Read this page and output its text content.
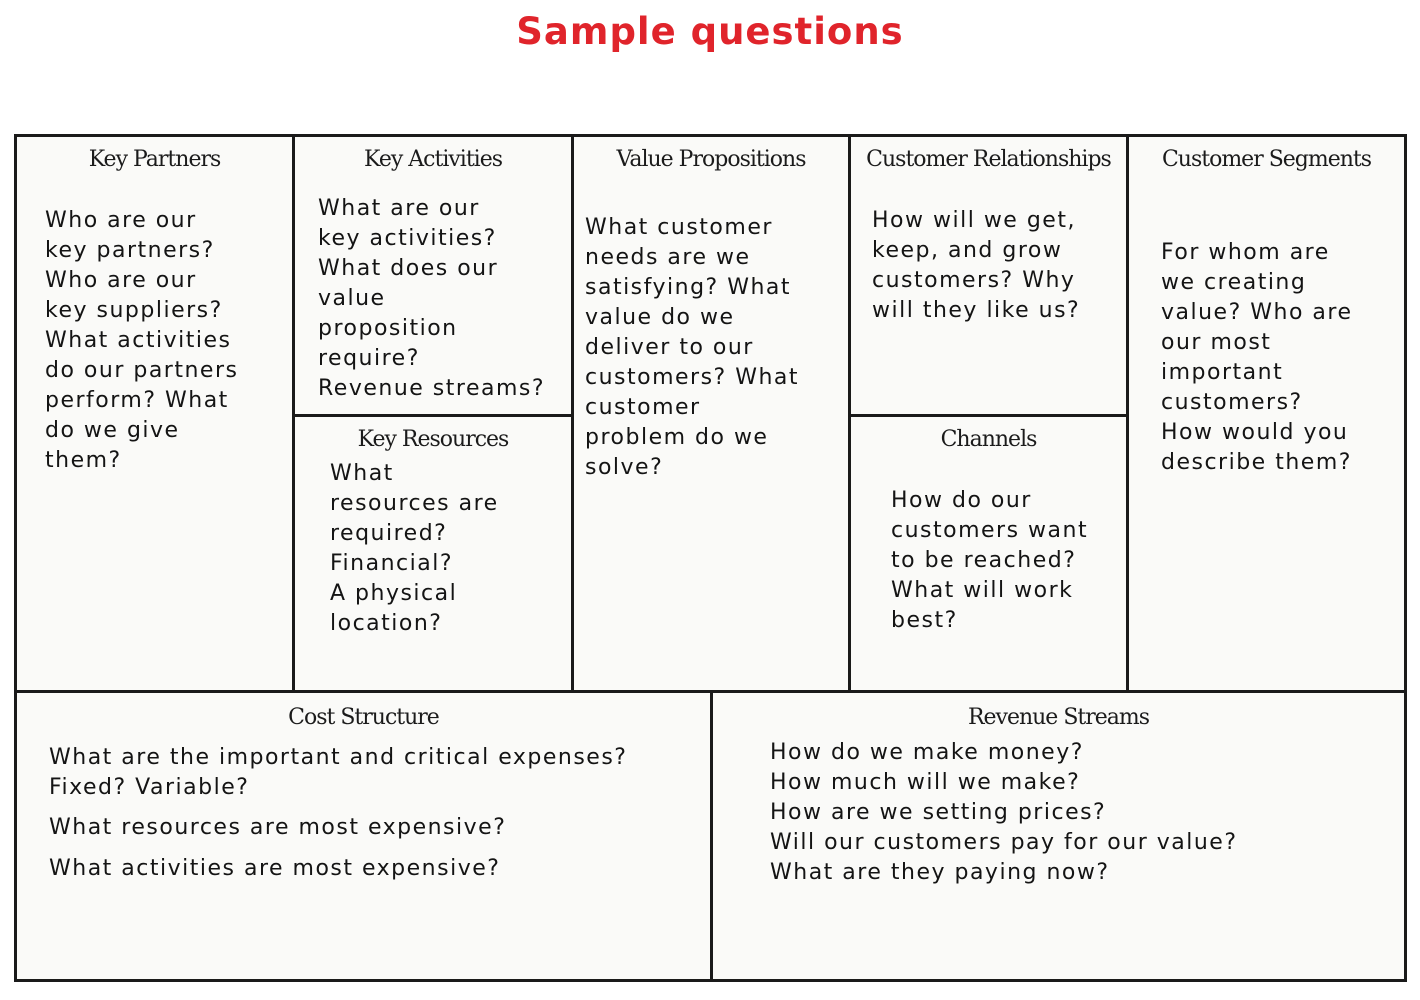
Sample questions
Key Partners
Who are our
key partners?
Who are our
key suppliers?
What activities
do our partners
perform? What
do we give
them?
Key Activities
What are our
key activities?
What does our
value
proposition
require?
Revenue streams?
Key Resources
What
resources are
required?
Financial?
A physical
location?
Value Propositions
What customer
needs are we
satisfying? What
value do we
deliver to our
customers? What
customer
problem do we
solve?
Customer Relationships
How will we get,
keep, and grow
customers? Why
will they like us?
Channels
How do our
customers want
to be reached?
What will work
best?
Customer Segments
For whom are
we creating
value? Who are
our most
important
customers?
How would you
describe them?
Cost Structure
What are the important and critical expenses?
Fixed? Variable?
What resources are most expensive?
What activities are most expensive?
Revenue Streams
How do we make money?
How much will we make?
How are we setting prices?
Will our customers pay for our value?
What are they paying now?
